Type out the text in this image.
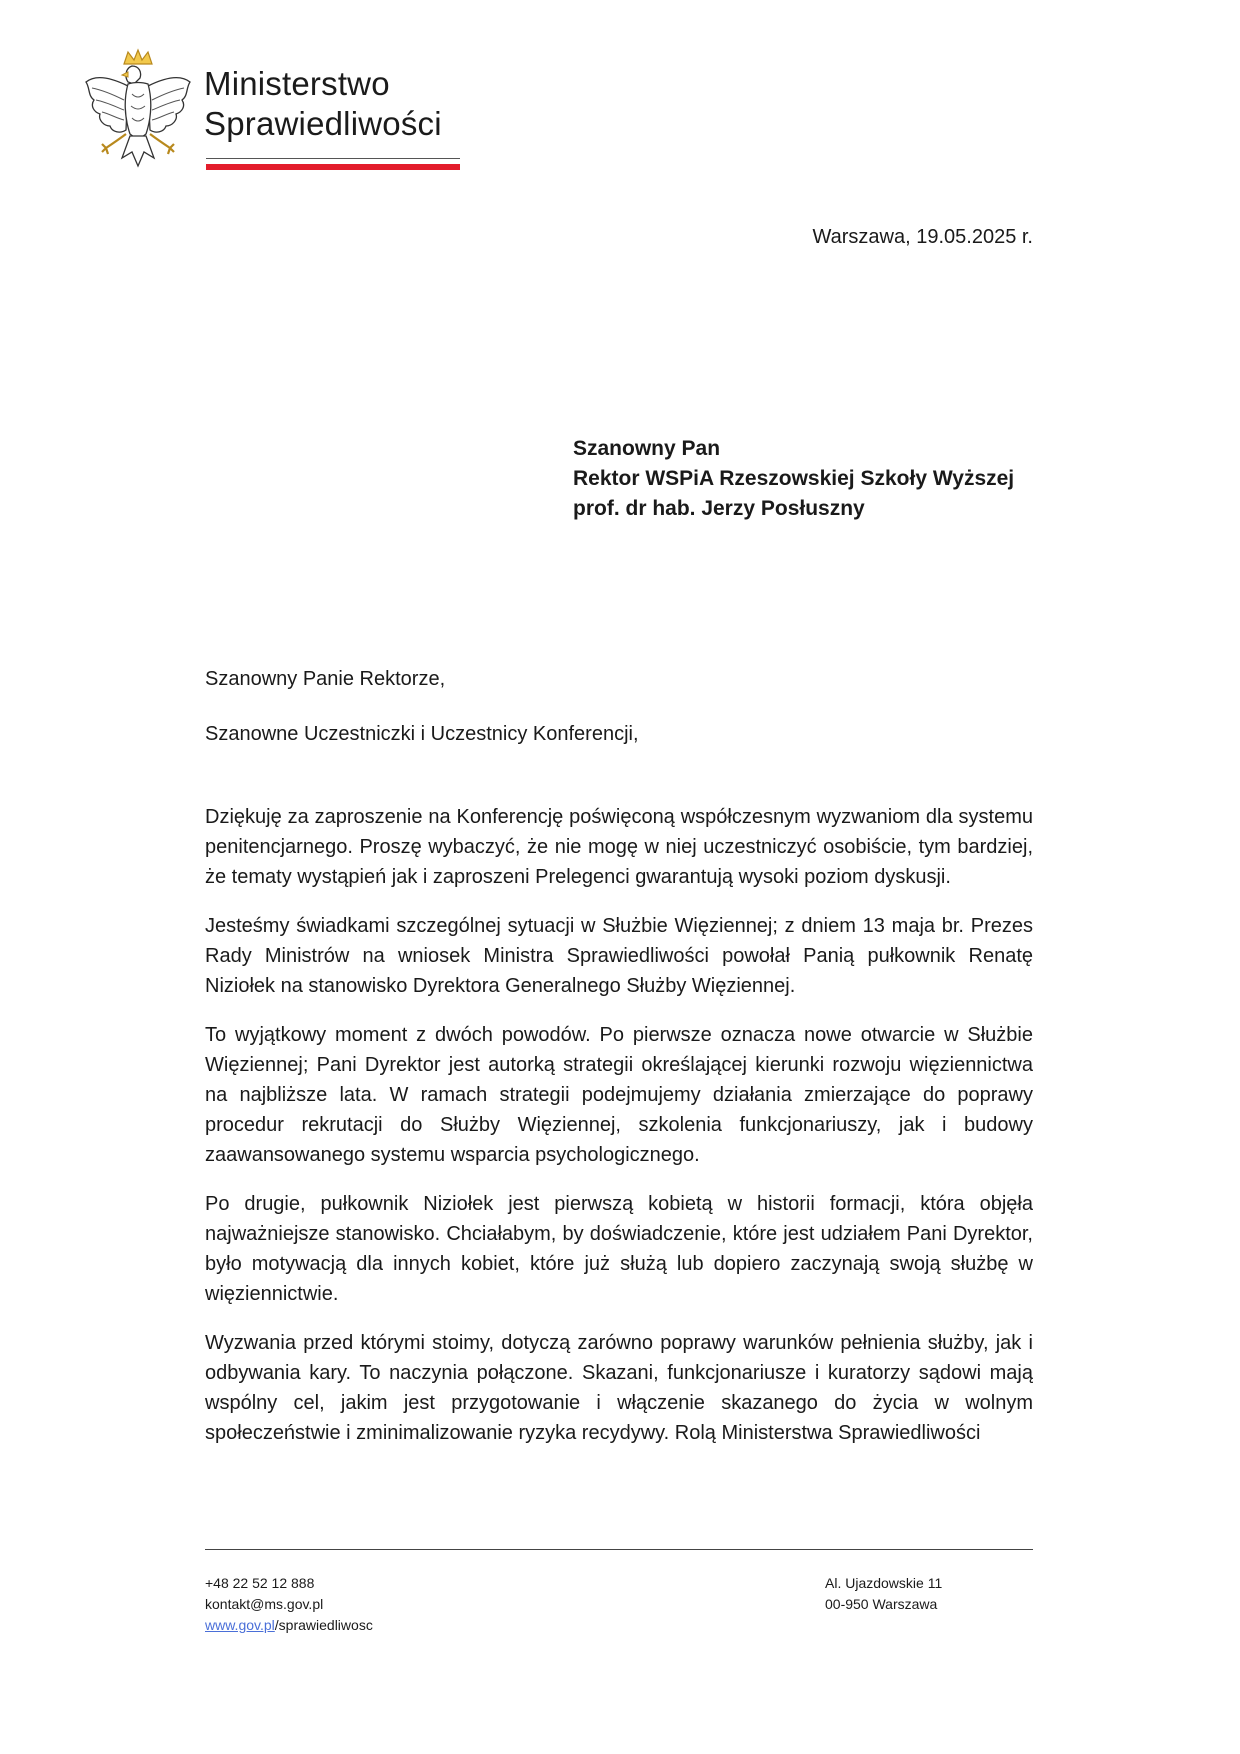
Ministerstwo
Sprawiedliwości
Warszawa, 19.05.2025 r.
Szanowny Pan
Rektor WSPiA Rzeszowskiej Szkoły Wyższej
prof. dr hab. Jerzy Posłuszny

Szanowny Panie Rektorze,

Szanowne Uczestniczki i Uczestnicy Konferencji,

Dziękuję za zaproszenie na Konferencję poświęconą współczesnym wyzwaniom dla systemu penitencjarnego. Proszę wybaczyć, że nie mogę w niej uczestniczyć osobiście, tym bardziej, że tematy wystąpień jak i zaproszeni Prelegenci gwarantują wysoki poziom dyskusji.

Jesteśmy świadkami szczególnej sytuacji w Służbie Więziennej; z dniem 13 maja br. Prezes Rady Ministrów na wniosek Ministra Sprawiedliwości powołał Panią pułkownik Renatę Niziołek na stanowisko Dyrektora Generalnego Służby Więziennej.

To wyjątkowy moment z dwóch powodów. Po pierwsze oznacza nowe otwarcie w Służbie Więziennej; Pani Dyrektor jest autorką strategii określającej kierunki rozwoju więziennictwa na najbliższe lata. W ramach strategii podejmujemy działania zmierzające do poprawy procedur rekrutacji do Służby Więziennej, szkolenia funkcjonariuszy, jak i budowy zaawansowanego systemu wsparcia psychologicznego.

Po drugie, pułkownik Niziołek jest pierwszą kobietą w historii formacji, która objęła najważniejsze stanowisko. Chciałabym, by doświadczenie, które jest udziałem Pani Dyrektor, było motywacją dla innych kobiet, które już służą lub dopiero zaczynają swoją służbę w więziennictwie.

Wyzwania przed którymi stoimy, dotyczą zarówno poprawy warunków pełnienia służby, jak i odbywania kary. To naczynia połączone. Skazani, funkcjonariusze i kuratorzy sądowi mają wspólny cel, jakim jest przygotowanie i włączenie skazanego do życia w wolnym społeczeństwie i zminimalizowanie ryzyka recydywy. Rolą Ministerstwa Sprawiedliwości

+48 22 52 12 888
kontakt@ms.gov.pl
www.gov.pl/sprawiedliwosc
Al. Ujazdowskie 11
00-950 Warszawa
